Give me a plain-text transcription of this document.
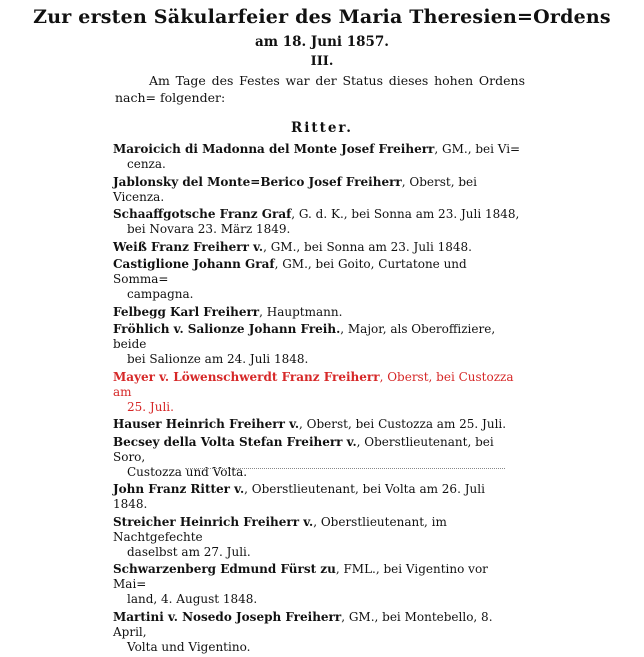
Zur ersten Säkularfeier des Maria Theresien=Ordens
am 18. Juni 1857.
III.
Am Tage des Festes war der Status dieses hohen Ordens nach= folgender:
Ritter.
Maroicich di Madonna del Monte Josef Freiherr, GM., bei Vi=
cenza.
Jablonsky del Monte=Berico Josef Freiherr, Oberst, bei Vicenza.
Schaaffgotsche Franz Graf, G. d. K., bei Sonna am 23. Juli 1848,
bei Novara 23. März 1849.
Weiß Franz Freiherr v., GM., bei Sonna am 23. Juli 1848.
Castiglione Johann Graf, GM., bei Goito, Curtatone und Somma=
campagna.
Felbegg Karl Freiherr, Hauptmann.
Fröhlich v. Salionze Johann Freih., Major, als Oberoffiziere, beide
bei Salionze am 24. Juli 1848.
Mayer v. Löwenschwerdt Franz Freiherr, Oberst, bei Custozza am
25. Juli.
Hauser Heinrich Freiherr v., Oberst, bei Custozza am 25. Juli.
Becsey della Volta Stefan Freiherr v., Oberstlieutenant, bei Soro,
Custozza und Volta.
John Franz Ritter v., Oberstlieutenant, bei Volta am 26. Juli 1848.
Streicher Heinrich Freiherr v., Oberstlieutenant, im Nachtgefechte
daselbst am 27. Juli.
Schwarzenberg Edmund Fürst zu, FML., bei Vigentino vor Mai=
land, 4. August 1848.
Martini v. Nosedo Joseph Freiherr, GM., bei Montebello, 8. April,
Volta und Vigentino.
